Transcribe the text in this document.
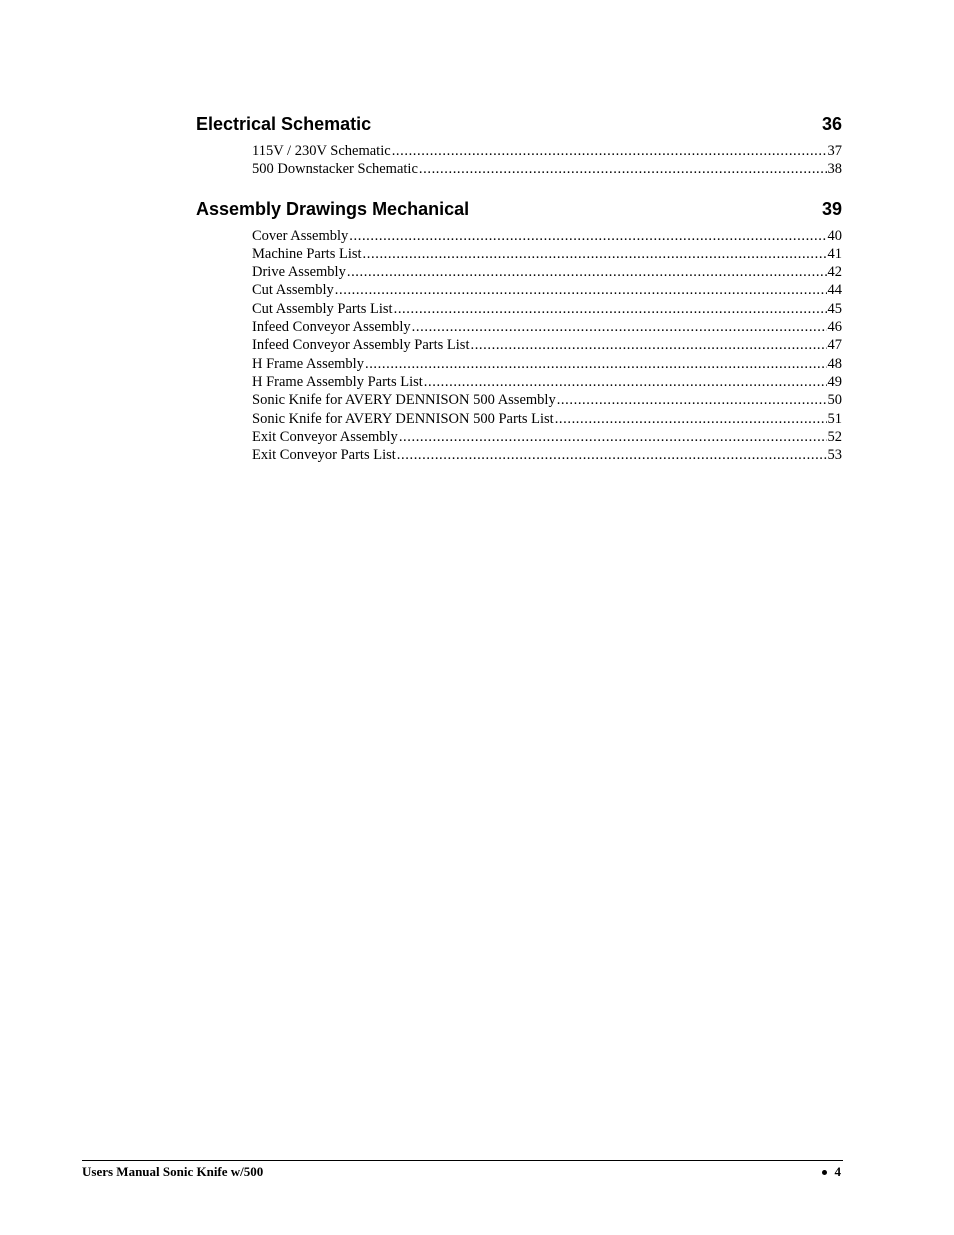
Electrical Schematic	36
115V / 230V Schematic .....	37
500 Downstacker Schematic .....	38
Assembly Drawings Mechanical	39
Cover Assembly .....	40
Machine Parts List .....	41
Drive Assembly .....	42
Cut Assembly .....	44
Cut Assembly Parts List .....	45
Infeed Conveyor Assembly .....	46
Infeed Conveyor Assembly Parts List .....	47
H Frame Assembly .....	48
H Frame Assembly Parts List .....	49
Sonic Knife for AVERY DENNISON 500 Assembly .....	50
Sonic Knife for AVERY DENNISON 500 Parts List .....	51
Exit Conveyor Assembly .....	52
Exit Conveyor Parts List .....	53
Users Manual Sonic Knife w/500	4
